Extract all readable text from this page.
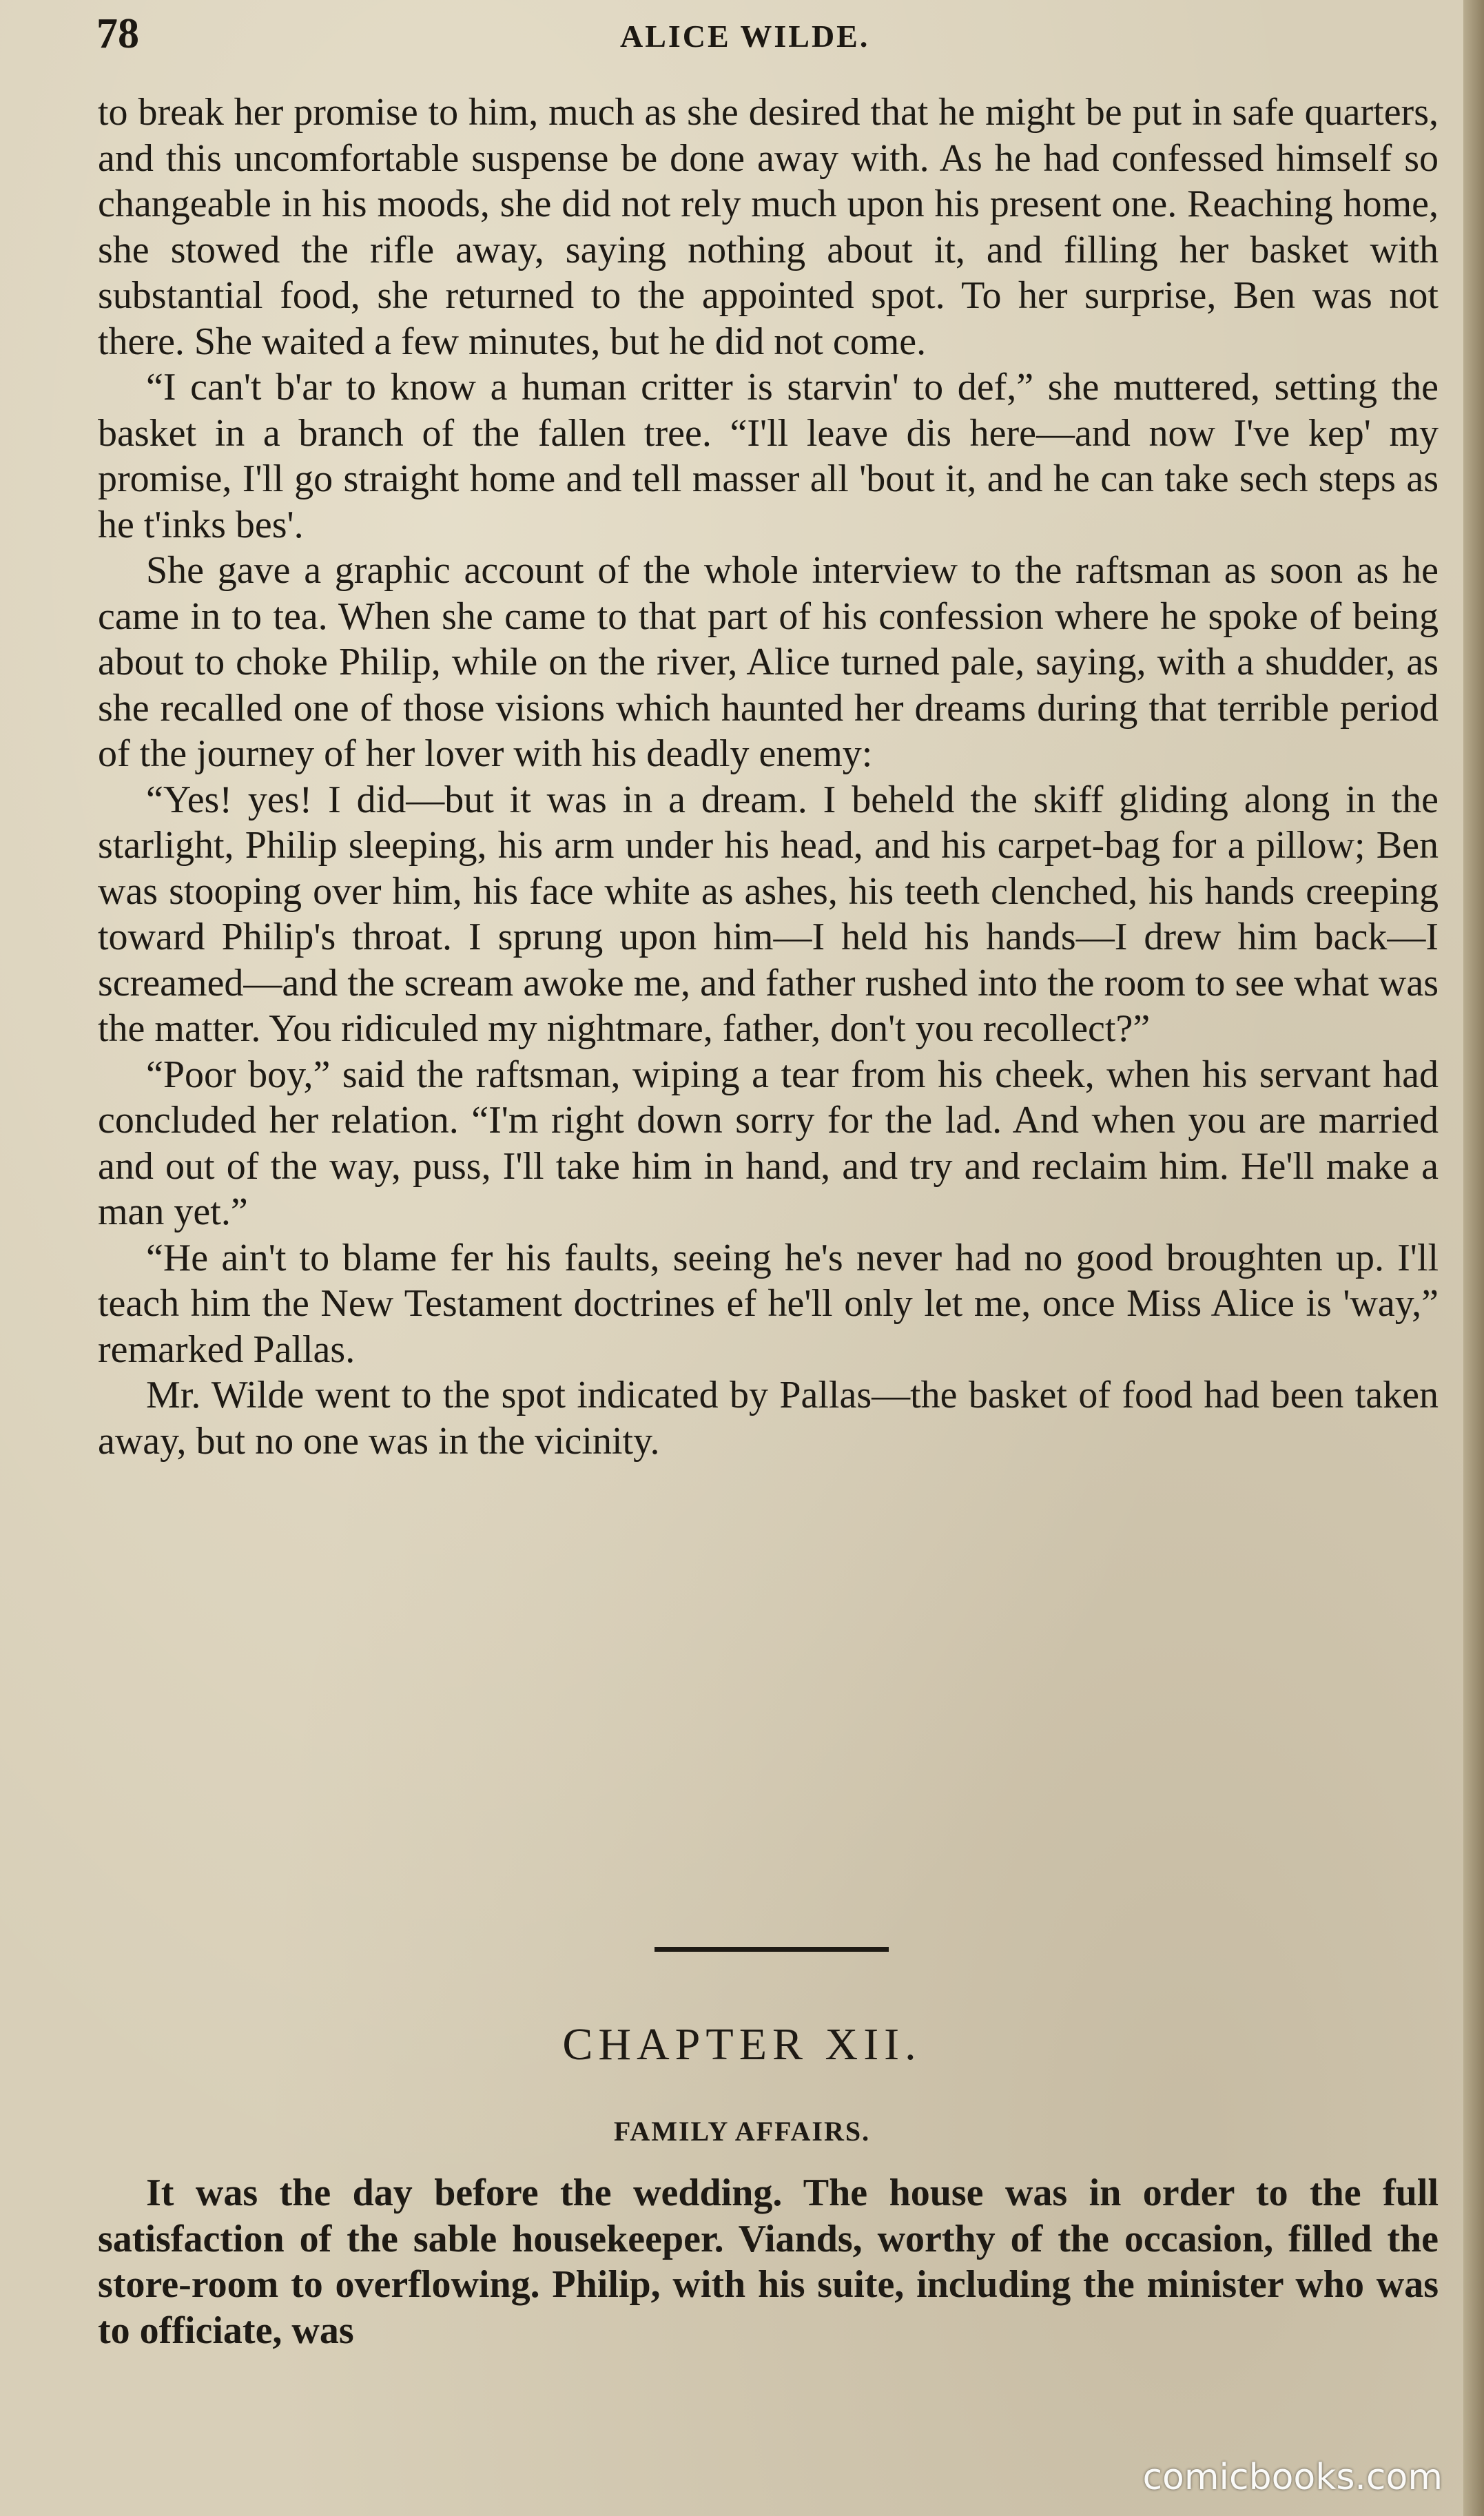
78	ALICE WILDE.

to break her promise to him, much as she desired that he might be put in safe quarters, and this uncomfortable suspense be done away with. As he had confessed himself so changeable in his moods, she did not rely much upon his present one. Reaching home, she stowed the rifle away, saying nothing about it, and filling her basket with substantial food, she returned to the appointed spot. To her surprise, Ben was not there. She waited a few minutes, but he did not come.

“I can't b'ar to know a human critter is starvin' to def,” she muttered, setting the basket in a branch of the fallen tree. “I'll leave dis here—and now I've kep' my promise, I'll go straight home and tell masser all 'bout it, and he can take sech steps as he t'inks bes'.

She gave a graphic account of the whole interview to the raftsman as soon as he came in to tea. When she came to that part of his confession where he spoke of being about to choke Philip, while on the river, Alice turned pale, saying, with a shudder, as she recalled one of those visions which haunted her dreams during that terrible period of the journey of her lover with his deadly enemy:

“Yes! yes! I did—but it was in a dream. I beheld the skiff gliding along in the starlight, Philip sleeping, his arm under his head, and his carpet-bag for a pillow; Ben was stooping over him, his face white as ashes, his teeth clenched, his hands creeping toward Philip's throat. I sprung upon him—I held his hands—I drew him back—I screamed—and the scream awoke me, and father rushed into the room to see what was the matter. You ridiculed my nightmare, father, don't you recollect?”

“Poor boy,” said the raftsman, wiping a tear from his cheek, when his servant had concluded her relation. “I'm right down sorry for the lad. And when you are married and out of the way, puss, I'll take him in hand, and try and reclaim him. He'll make a man yet.”

“He ain't to blame fer his faults, seeing he's never had no good broughten up. I'll teach him the New Testament doctrines ef he'll only let me, once Miss Alice is 'way,” remarked Pallas.

Mr. Wilde went to the spot indicated by Pallas—the basket of food had been taken away, but no one was in the vicinity.

CHAPTER XII.
FAMILY AFFAIRS.

It was the day before the wedding. The house was in order to the full satisfaction of the sable housekeeper. Viands, worthy of the occasion, filled the store-room to overflowing. Philip, with his suite, including the minister who was to officiate, was

comicbooks.com
